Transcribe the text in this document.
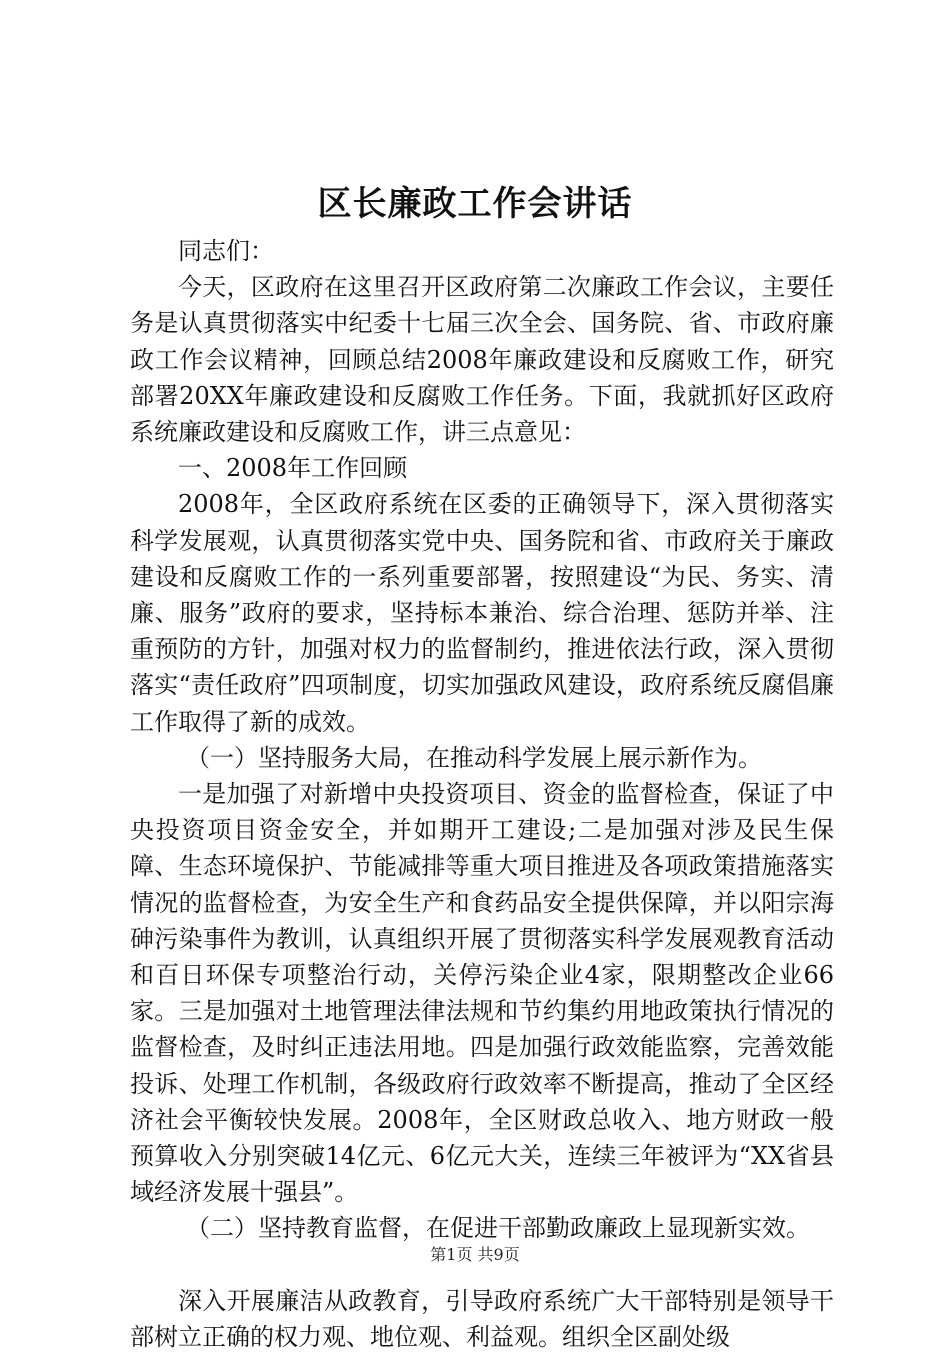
区长廉政工作会讲话

同志们：

今天，区政府在这里召开区政府第二次廉政工作会议，主要任务是认真贯彻落实中纪委十七届三次全会、国务院、省、市政府廉政工作会议精神，回顾总结2008年廉政建设和反腐败工作，研究部署20XX年廉政建设和反腐败工作任务。下面，我就抓好区政府系统廉政建设和反腐败工作，讲三点意见：

一、2008年工作回顾

2008年，全区政府系统在区委的正确领导下，深入贯彻落实科学发展观，认真贯彻落实党中央、国务院和省、市政府关于廉政建设和反腐败工作的一系列重要部署，按照建设“为民、务实、清廉、服务”政府的要求，坚持标本兼治、综合治理、惩防并举、注重预防的方针，加强对权力的监督制约，推进依法行政，深入贯彻落实“责任政府”四项制度，切实加强政风建设，政府系统反腐倡廉工作取得了新的成效。

（一）坚持服务大局，在推动科学发展上展示新作为。

一是加强了对新增中央投资项目、资金的监督检查，保证了中央投资项目资金安全，并如期开工建设;二是加强对涉及民生保障、生态环境保护、节能减排等重大项目推进及各项政策措施落实情况的监督检查，为安全生产和食药品安全提供保障，并以阳宗海砷污染事件为教训，认真组织开展了贯彻落实科学发展观教育活动和百日环保专项整治行动，关停污染企业4家，限期整改企业66家。三是加强对土地管理法律法规和节约集约用地政策执行情况的监督检查，及时纠正违法用地。四是加强行政效能监察，完善效能投诉、处理工作机制，各级政府行政效率不断提高，推动了全区经济社会平衡较快发展。2008年，全区财政总收入、地方财政一般预算收入分别突破14亿元、6亿元大关，连续三年被评为“XX省县域经济发展十强县”。

（二）坚持教育监督，在促进干部勤政廉政上显现新实效。

深入开展廉洁从政教育，引导政府系统广大干部特别是领导干部树立正确的权力观、地位观、利益观。组织全区副处级

第1页 共9页
